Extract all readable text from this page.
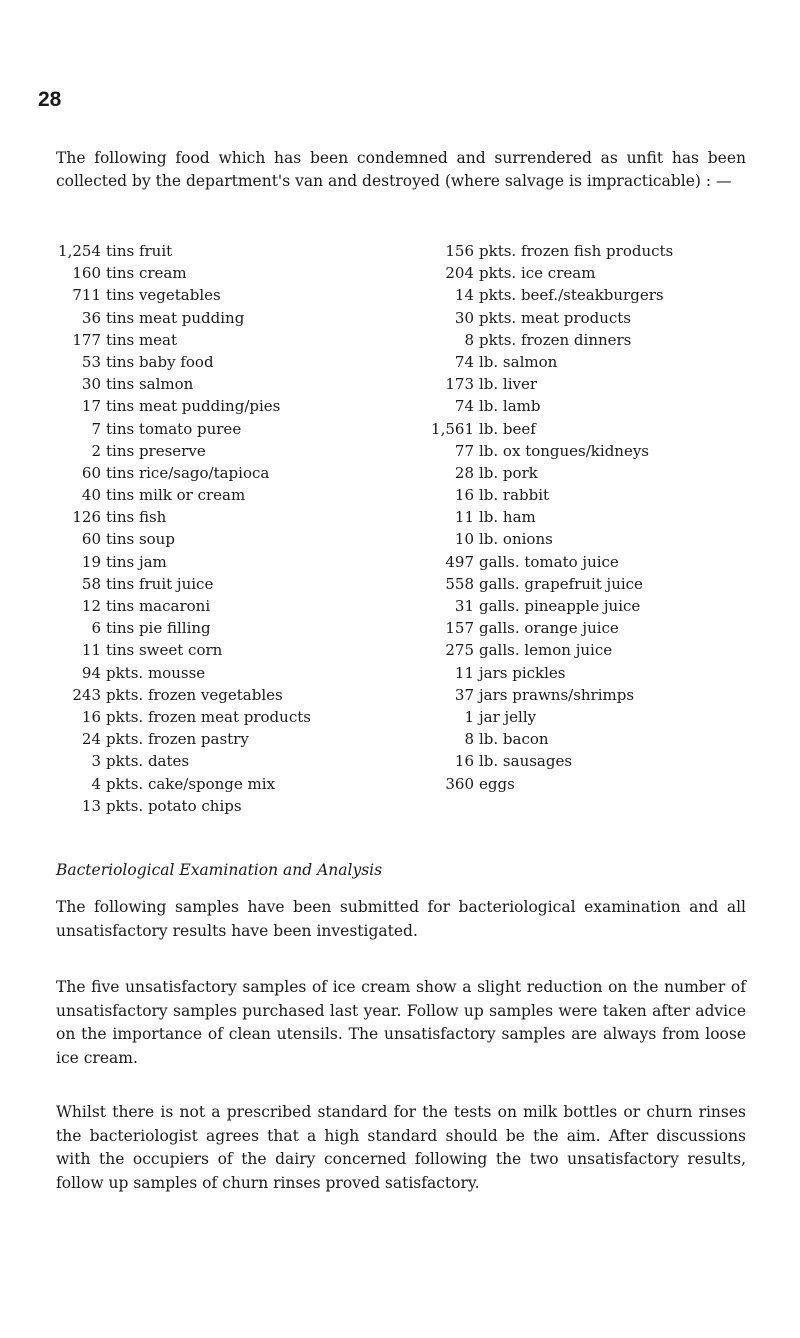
28

The following food which has been condemned and surrendered as unfit has been collected by the department's van and destroyed (where salvage is impracticable) : —

1,254 tins fruit
160 tins cream
711 tins vegetables
36 tins meat pudding
177 tins meat
53 tins baby food
30 tins salmon
17 tins meat pudding/pies
7 tins tomato puree
2 tins preserve
60 tins rice/sago/tapioca
40 tins milk or cream
126 tins fish
60 tins soup
19 tins jam
58 tins fruit juice
12 tins macaroni
6 tins pie filling
11 tins sweet corn
94 pkts. mousse
243 pkts. frozen vegetables
16 pkts. frozen meat products
24 pkts. frozen pastry
3 pkts. dates
4 pkts. cake/sponge mix
13 pkts. potato chips
156 pkts. frozen fish products
204 pkts. ice cream
14 pkts. beef./steakburgers
30 pkts. meat products
8 pkts. frozen dinners
74 lb. salmon
173 lb. liver
74 lb. lamb
1,561 lb. beef
77 lb. ox tongues/kidneys
28 lb. pork
16 lb. rabbit
11 lb. ham
10 lb. onions
497 galls. tomato juice
558 galls. grapefruit juice
31 galls. pineapple juice
157 galls. orange juice
275 galls. lemon juice
11 jars pickles
37 jars prawns/shrimps
1 jar jelly
8 lb. bacon
16 lb. sausages
360 eggs
Bacteriological Examination and Analysis

The following samples have been submitted for bacteriological examination and all unsatisfactory results have been investigated.

The five unsatisfactory samples of ice cream show a slight reduction on the number of unsatisfactory samples purchased last year. Follow up samples were taken after advice on the importance of clean utensils. The unsatisfactory samples are always from loose ice cream.

Whilst there is not a prescribed standard for the tests on milk bottles or churn rinses the bacteriologist agrees that a high standard should be the aim. After discussions with the occupiers of the dairy concerned following the two unsatisfactory results, follow up samples of churn rinses proved satisfactory.
